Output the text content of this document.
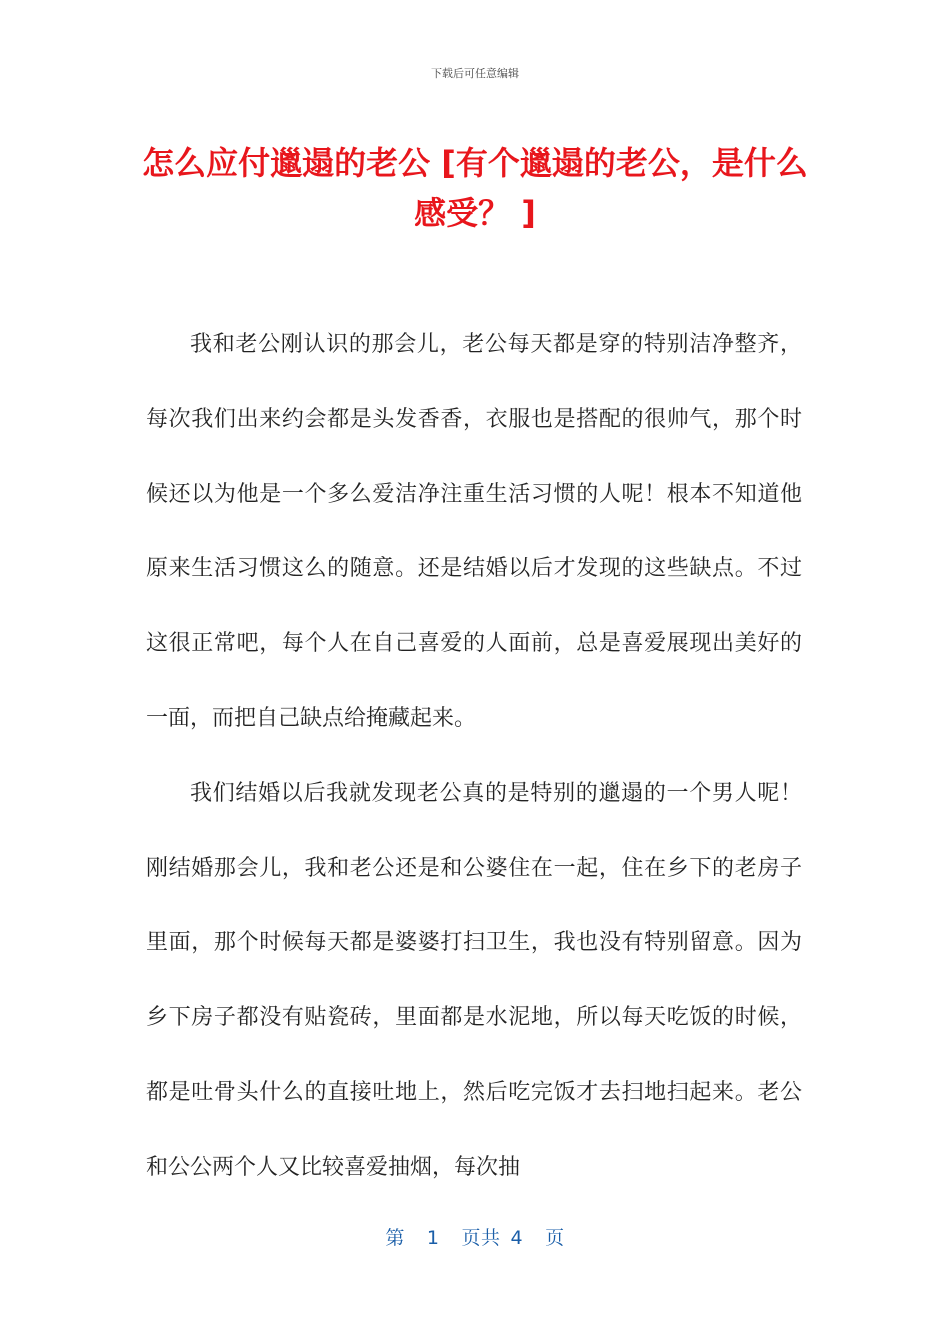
下载后可任意编辑
怎么应付邋遢的老公 [有个邋遢的老公，是什么感受？ ]

我和老公刚认识的那会儿，老公每天都是穿的特别洁净整齐，每次我们出来约会都是头发香香，衣服也是搭配的很帅气，那个时候还以为他是一个多么爱洁净注重生活习惯的人呢！根本不知道他原来生活习惯这么的随意。还是结婚以后才发现的这些缺点。不过这很正常吧，每个人在自己喜爱的人面前，总是喜爱展现出美好的一面，而把自己缺点给掩藏起来。

我们结婚以后我就发现老公真的是特别的邋遢的一个男人呢！刚结婚那会儿，我和老公还是和公婆住在一起，住在乡下的老房子里面，那个时候每天都是婆婆打扫卫生，我也没有特别留意。因为乡下房子都没有贴瓷砖，里面都是水泥地，所以每天吃饭的时候，都是吐骨头什么的直接吐地上，然后吃完饭才去扫地扫起来。老公和公公两个人又比较喜爱抽烟，每次抽

第 1 页共 4 页
